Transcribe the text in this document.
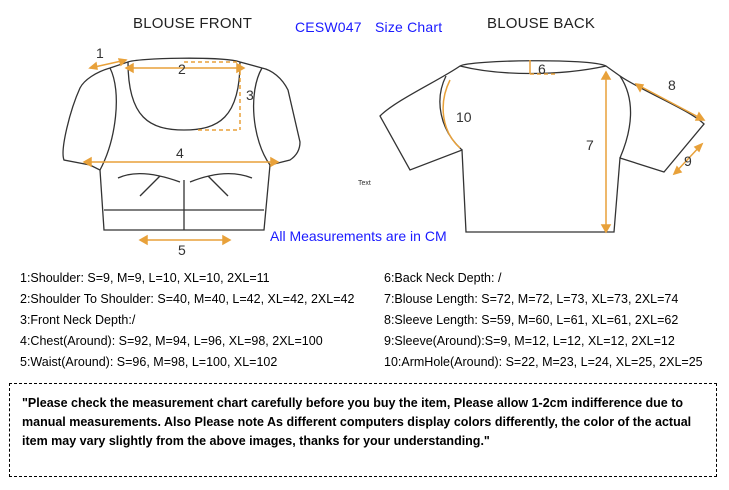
BLOUSE FRONT	CESW047 Size Chart	BLOUSE BACK
1
2
3
4
5
6
7
8
9
10
Text
All Measurements are in CM
1:Shoulder: S=9, M=9, L=10, XL=10, 2XL=11
2:Shoulder To Shoulder: S=40, M=40, L=42, XL=42, 2XL=42
3:Front Neck Depth:/
4:Chest(Around): S=92, M=94, L=96, XL=98, 2XL=100
5:Waist(Around): S=96, M=98, L=100, XL=102
6:Back Neck Depth: /
7:Blouse Length: S=72, M=72, L=73, XL=73, 2XL=74
8:Sleeve Length: S=59, M=60, L=61, XL=61, 2XL=62
9:Sleeve(Around):S=9, M=12, L=12, XL=12, 2XL=12
10:ArmHole(Around): S=22, M=23, L=24, XL=25, 2XL=25
"Please check the measurement chart carefully before you buy the item, Please allow 1-2cm indifference due to manual measurements. Also Please note As different computers display colors differently, the color of the actual item may vary slightly from the above images, thanks for your understanding."
